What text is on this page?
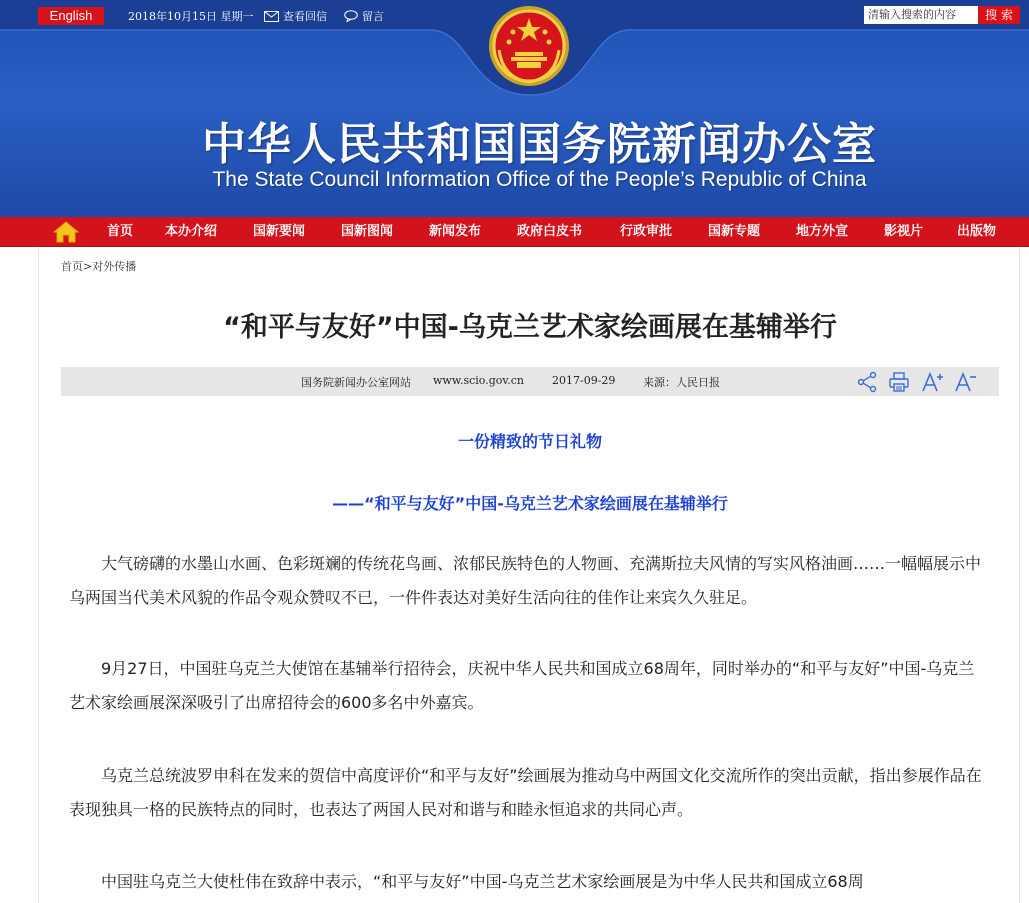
English	2018年10月15日 星期一	查看回信	留言	清输入搜索的内容	搜 索
中华人民共和国国务院新闻办公室
The State Council Information Office of the People’s Republic of China
首页 本办介绍	国新要闻	国新图闻	新闻发布	政府白皮书	行政审批	国新专题	地方外宣	影视片	出版物
首页>对外传播
“和平与友好”中国-乌克兰艺术家绘画展在基辅举行
国务院新闻办公室网站 www.scio.gov.cn	2017-09-29	来源：人民日报
一份精致的节日礼物
——“和平与友好”中国-乌克兰艺术家绘画展在基辅举行

大气磅礴的水墨山水画、色彩斑斓的传统花鸟画、浓郁民族特色的人物画、充满斯拉夫风情的写实风格油画……一幅幅展示中乌两国当代美术风貌的作品令观众赞叹不已，一件件表达对美好生活向往的佳作让来宾久久驻足。

9月27日，中国驻乌克兰大使馆在基辅举行招待会，庆祝中华人民共和国成立68周年，同时举办的“和平与友好”中国-乌克兰艺术家绘画展深深吸引了出席招待会的600多名中外嘉宾。

乌克兰总统波罗申科在发来的贺信中高度评价“和平与友好”绘画展为推动乌中两国文化交流所作的突出贡献，指出参展作品在表现独具一格的民族特点的同时，也表达了两国人民对和谐与和睦永恒追求的共同心声。

中国驻乌克兰大使杜伟在致辞中表示，“和平与友好”中国-乌克兰艺术家绘画展是为中华人民共和国成立68周
